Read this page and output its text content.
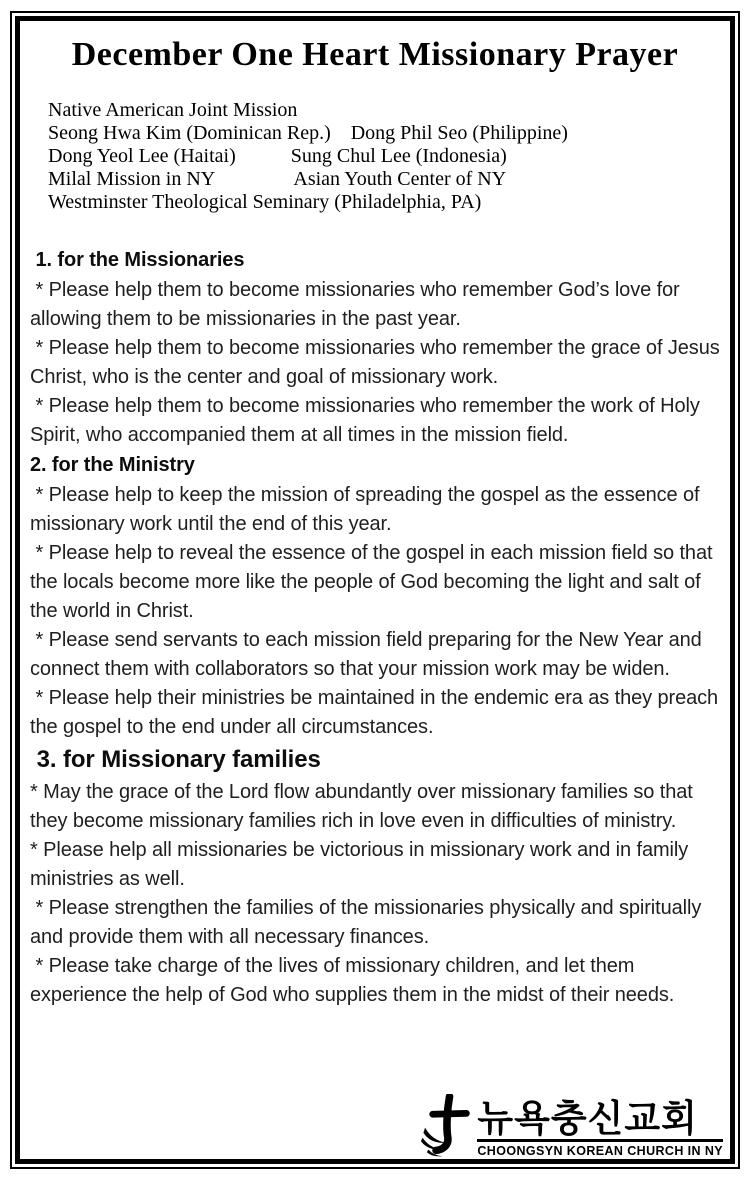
December One Heart Missionary Prayer
Native American Joint Mission
Seong Hwa Kim (Dominican Rep.)    Dong Phil Seo (Philippine)
Dong Yeol Lee (Haitai)           Sung Chul Lee (Indonesia)
Milal Mission in NY                Asian Youth Center of NY
Westminster Theological Seminary (Philadelphia, PA)
1. for the Missionaries

* Please help them to become missionaries who remember God’s love for allowing them to be missionaries in the past year.

* Please help them to become missionaries who remember the grace of Jesus Christ, who is the center and goal of missionary work.

* Please help them to become missionaries who remember the work of Holy Spirit, who accompanied them at all times in the mission field.

2. for the Ministry

* Please help to keep the mission of spreading the gospel as the essence of missionary work until the end of this year.

* Please help to reveal the essence of the gospel in each mission field so that the locals become more like the people of God becoming the light and salt of the world in Christ.

* Please send servants to each mission field preparing for the New Year and connect them with collaborators so that your mission work may be widen.

* Please help their ministries be maintained in the endemic era as they preach the gospel to the end under all circumstances.

3. for Missionary families

* May the grace of the Lord flow abundantly over missionary families so that they become missionary families rich in love even in difficulties of ministry.

* Please help all missionaries be victorious in missionary work and in family ministries as well.

* Please strengthen the families of the missionaries physically and spiritually and provide them with all necessary finances.

* Please take charge of the lives of missionary children, and let them experience the help of God who supplies them in the midst of their needs.

뉴욕충신교회
CHOONGSYN KOREAN CHURCH IN NY
